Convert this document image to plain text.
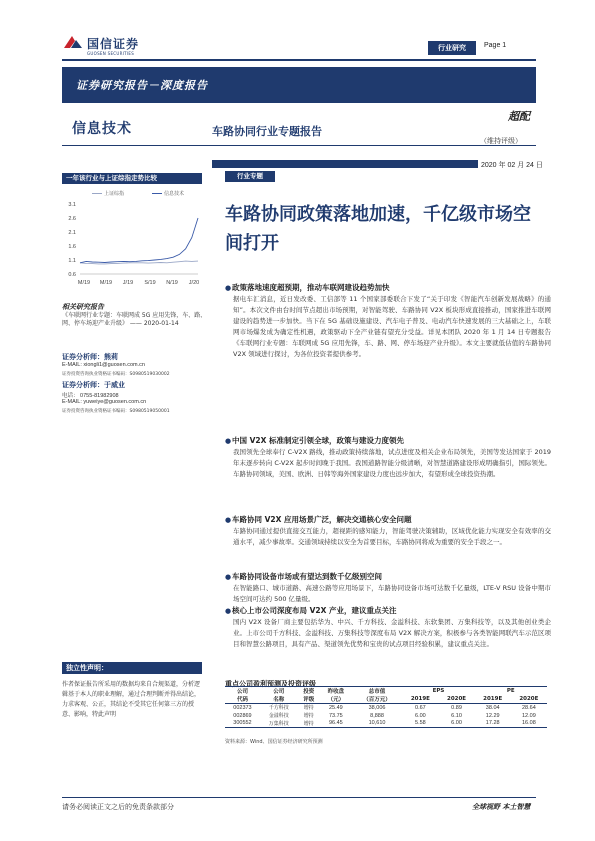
国信证券
GUOSEN SECURITIES
行业研究	Page 1
证券研究报告－深度报告
信息技术	车路协同行业专题报告
超配
（维持评级）
2020 年 02 月 24 日
一年该行业与上证综指走势比较
上证综指	信息技术
3.1
2.6
2.1
1.6
1.1
0.6
M/19 M/19 J/19 S/19 N/19 J/20
相关研究报告
《车联网行业专题：车联网成 5G 应用先锋，车、路、网、停车场迎产业升级》 —— 2020-01-14
证券分析师：熊莉
E-MAIL: xiongli1@guosen.com.cn
证券投资咨询执业资格证书编码：S0980519030002
证券分析师：于威业
电话： 0755-81982908
E-MAIL: yuweiye@guosen.com.cn
证券投资咨询执业资格证书编码：S0980519050001
独立性声明：
作者保证报告所采用的数据均来自合规渠道，分析逻辑基于本人的职业理解，通过合理判断并得出结论，力求客观、公正，其结论不受其它任何第三方的授意、影响，特此声明
行业专题
车路协同政策落地加速，千亿级市场空间打开
●政策落地速度超预期，推动车联网建设趋势加快
据电车汇消息，近日发改委、工信部等 11 个国家部委联合下发了“关于印发《智能汽车创新发展战略》的通知”。本次文件由台时间节点超出市场预期，对智能驾驶、车路协同 V2X 板块形成直接推动，国家推进车联网建设的趋势进一步加快。当下在 5G 基础设施建设、汽车电子普及、电动汽车快速发展的三大基础之上，车联网市场爆发成为确定性机遇，政策驱动下全产业链有望充分受益。详见本团队 2020 年 1 月 14 日专题报告《车联网行业专题：车联网成 5G 应用先锋，车、路、网、停车场迎产业升级》。本文主要就低估值的车路协同 V2X 领域进行探讨，为各位投资者提供参考。
●中国 V2X 标准制定引领全球，政策与建设力度领先
我国领先全球奉行 C-V2X 路线，推动政策持续落地，试点进度及相关企业布局领先，美国等发达国家于 2019 年末逐步转向 C-V2X 起步时间晚于我国。我国道路智能分级清晰，对智慧道路建设形成明确指引，国际领先。车路协同领域，美国、欧洲、日韩等海外国家建设力度也远步加大，有望形成全球投资热潮。
●车路协同 V2X 应用场景广泛，解决交通核心安全问题
车路协同通过提供直接交互能力，超视距的感知能力，智能驾驶决策辅助，区域优化能力实现安全有效率的交通水平，减少事故率。交通领域持续以安全为首要目标，车路协同将成为重要的安全手段之一。
●车路协同设备市场或有望达到数千亿级别空间
在智能路口、城市道路、高速公路等应用场景下，车路协同设备市场可达数千亿量级，LTE-V RSU 设备中期市场空间可达约 500 亿量级。
●核心上市公司深度布局 V2X 产业，建议重点关注
国内 V2X 设备厂商主要包括华为、中兴、千方科技、金溢科技、东软集团、万集科技等，以及其他创业类企业。上市公司千方科技、金溢科技、万集科技等深度布局 V2X 解决方案，积极参与各类智能网联汽车示范区项目和智慧公路项目，具有产品、渠道领先优势和宝贵的试点项目经验积累，建议重点关注。
重点公司盈利预测及投资评级
公司	公司	投资	昨收盘	总市值	EPS		PE	
代码	名称	评级	（元）	（百万元）	2019E	2020E	2019E	2020E
002373	千方科技	增持	25.49	38,006	0.67	0.89	38.04	28.64
002869	金溢科技	增持	73.75	8,888	6.00	6.10	12.29	12.09
300552	万集科技	增持	96.45	10,610	5.58	6.00	17.28	16.08
资料来源：Wind、国信证券经济研究所预测
请务必阅读正文之后的免责条款部分	全球视野 本土智慧
